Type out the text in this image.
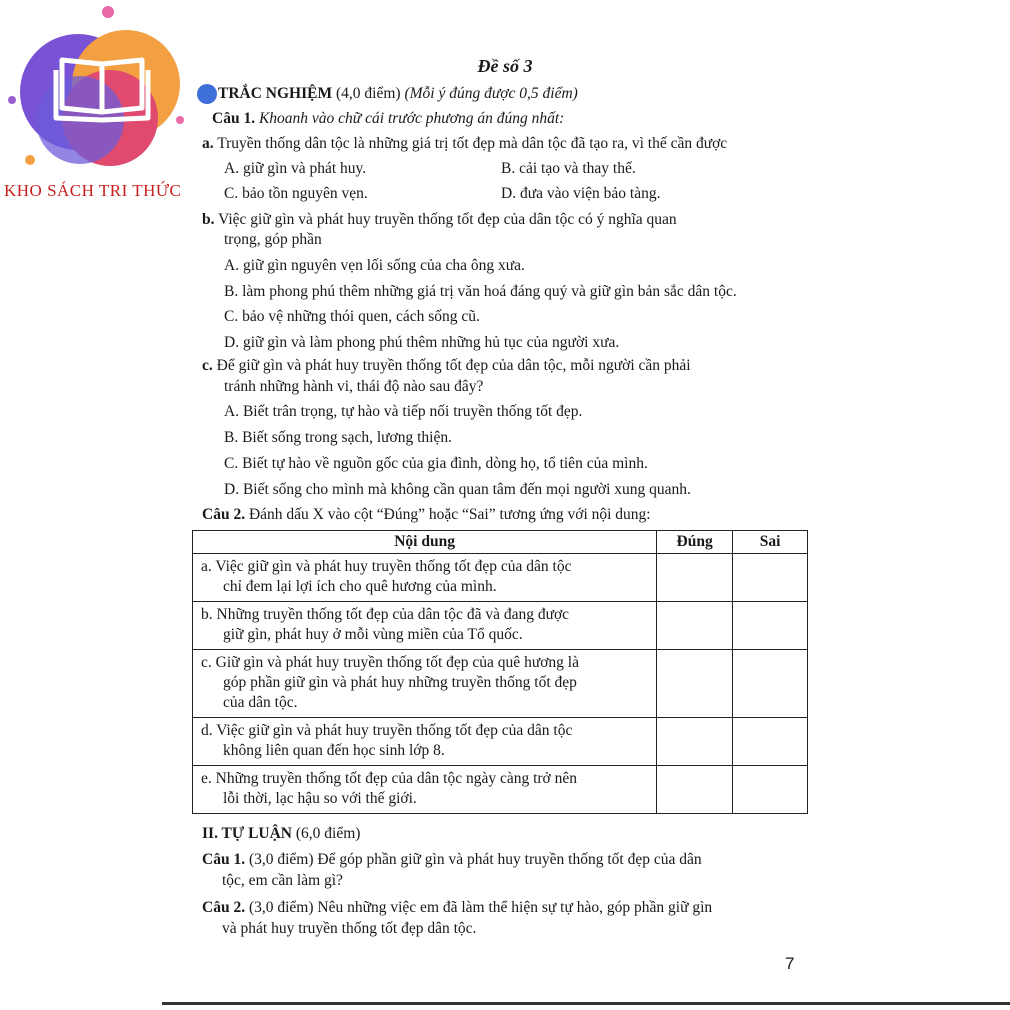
KHO SÁCH TRI THỨC
Đề số 3
TRẮC NGHIỆM (4,0 điểm) (Mỗi ý đúng được 0,5 điểm)
Câu 1. Khoanh vào chữ cái trước phương án đúng nhất:
a. Truyền thống dân tộc là những giá trị tốt đẹp mà dân tộc đã tạo ra, vì thế cần được
A. giữ gìn và phát huy.	B. cải tạo và thay thế.
C. bảo tồn nguyên vẹn.	D. đưa vào viện bảo tàng.
b. Việc giữ gìn và phát huy truyền thống tốt đẹp của dân tộc có ý nghĩa quan
trọng, góp phần
A. giữ gìn nguyên vẹn lối sống của cha ông xưa.
B. làm phong phú thêm những giá trị văn hoá đáng quý và giữ gìn bản sắc dân tộc.
C. bảo vệ những thói quen, cách sống cũ.
D. giữ gìn và làm phong phú thêm những hủ tục của người xưa.
c. Để giữ gìn và phát huy truyền thống tốt đẹp của dân tộc, mỗi người cần phải
tránh những hành vi, thái độ nào sau đây?
A. Biết trân trọng, tự hào và tiếp nối truyền thống tốt đẹp.
B. Biết sống trong sạch, lương thiện.
C. Biết tự hào về nguồn gốc của gia đình, dòng họ, tổ tiên của mình.
D. Biết sống cho mình mà không cần quan tâm đến mọi người xung quanh.
Câu 2. Đánh dấu X vào cột “Đúng” hoặc “Sai” tương ứng với nội dung:
Nội dung	Đúng	Sai

a. Việc giữ gìn và phát huy truyền thống tốt đẹp của dân tộc
chỉ đem lại lợi ích cho quê hương của mình.		

b. Những truyền thống tốt đẹp của dân tộc đã và đang được
giữ gìn, phát huy ở mỗi vùng miền của Tổ quốc.		

c. Giữ gìn và phát huy truyền thống tốt đẹp của quê hương là
góp phần giữ gìn và phát huy những truyền thống tốt đẹp
của dân tộc.		

d. Việc giữ gìn và phát huy truyền thống tốt đẹp của dân tộc
không liên quan đến học sinh lớp 8.		

e. Những truyền thống tốt đẹp của dân tộc ngày càng trở nên
lỗi thời, lạc hậu so với thế giới.		

II. TỰ LUẬN (6,0 điểm)
Câu 1. (3,0 điểm) Để góp phần giữ gìn và phát huy truyền thống tốt đẹp của dân
tộc, em cần làm gì?
Câu 2. (3,0 điểm) Nêu những việc em đã làm thể hiện sự tự hào, góp phần giữ gìn
và phát huy truyền thống tốt đẹp dân tộc.
7
